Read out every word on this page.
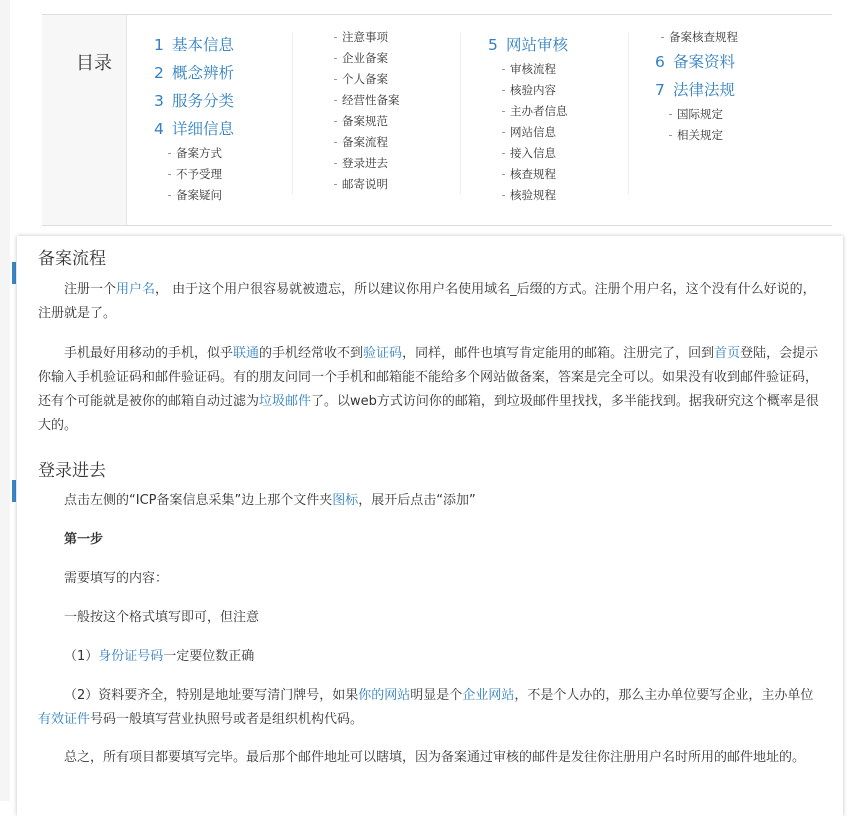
目录
1 基本信息
2 概念辨析
3 服务分类
4 详细信息
备案方式
不予受理
备案疑问
注意事项
企业备案
个人备案
经营性备案
备案规范
备案流程
登录进去
邮寄说明
5 网站审核
审核流程
核验内容
主办者信息
网站信息
接入信息
核查规程
核验规程
备案核查规程
6 备案资料
7 法律法规
国际规定
相关规定
备案流程

注册一个用户名， 由于这个用户很容易就被遗忘，所以建议你用户名使用域名_后缀的方式。注册个用户名，这个没有什么好说的，注册就是了。

手机最好用移动的手机，似乎联通的手机经常收不到验证码，同样，邮件也填写肯定能用的邮箱。注册完了，回到首页登陆，会提示你输入手机验证码和邮件验证码。有的朋友问同一个手机和邮箱能不能给多个网站做备案，答案是完全可以。如果没有收到邮件验证码，还有个可能就是被你的邮箱自动过滤为垃圾邮件了。以web方式访问你的邮箱，到垃圾邮件里找找，多半能找到。据我研究这个概率是很大的。

登录进去

点击左侧的“ICP备案信息采集”边上那个文件夹图标，展开后点击“添加”

第一步

需要填写的内容：

一般按这个格式填写即可，但注意

（1）身份证号码一定要位数正确

（2）资料要齐全，特别是地址要写清门牌号，如果你的网站明显是个企业网站，不是个人办的，那么主办单位要写企业，主办单位有效证件号码一般填写营业执照号或者是组织机构代码。

总之，所有项目都要填写完毕。最后那个邮件地址可以瞎填，因为备案通过审核的邮件是发往你注册用户名时所用的邮件地址的。
